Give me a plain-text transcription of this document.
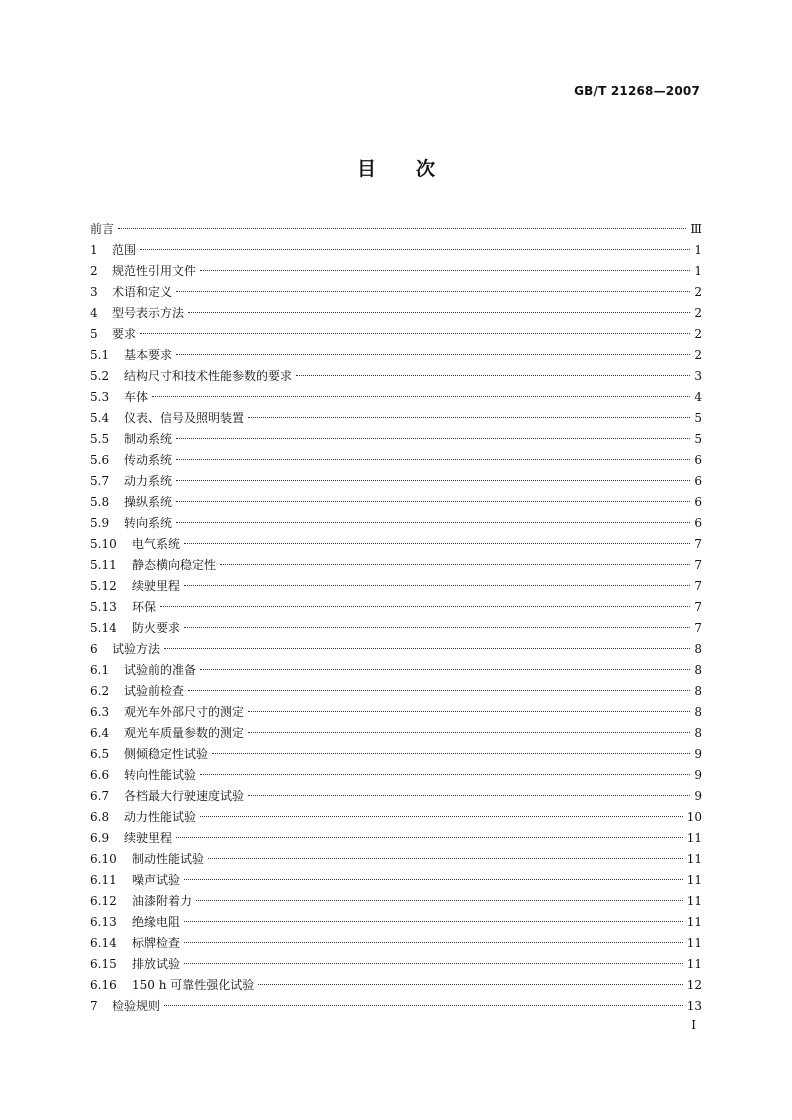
GB/T 21268—2007
目次
前言	Ⅲ
1	范围	1
2	规范性引用文件	1
3	术语和定义	2
4	型号表示方法	2
5	要求	2
5.1	基本要求	2
5.2	结构尺寸和技术性能参数的要求	3
5.3	车体	4
5.4	仪表、信号及照明装置	5
5.5	制动系统	5
5.6	传动系统	6
5.7	动力系统	6
5.8	操纵系统	6
5.9	转向系统	6
5.10	电气系统	7
5.11	静态横向稳定性	7
5.12	续驶里程	7
5.13	环保	7
5.14	防火要求	7
6	试验方法	8
6.1	试验前的准备	8
6.2	试验前检查	8
6.3	观光车外部尺寸的测定	8
6.4	观光车质量参数的测定	8
6.5	侧倾稳定性试验	9
6.6	转向性能试验	9
6.7	各档最大行驶速度试验	9
6.8	动力性能试验	10
6.9	续驶里程	11
6.10	制动性能试验	11
6.11	噪声试验	11
6.12	油漆附着力	11
6.13	绝缘电阻	11
6.14	标牌检查	11
6.15	排放试验	11
6.16	150 h 可靠性强化试验	12
7	检验规则	13
I
